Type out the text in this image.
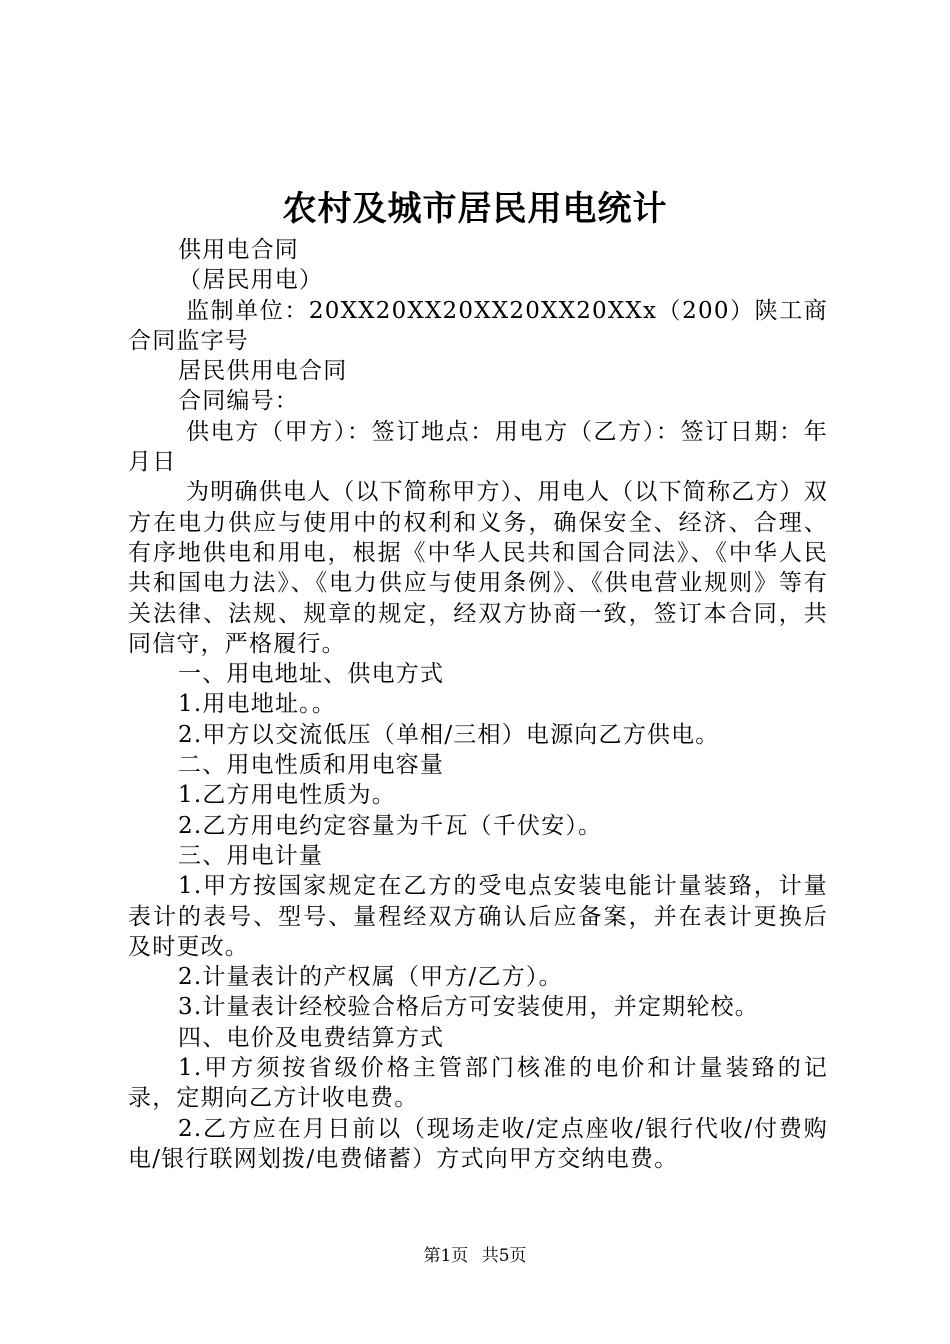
农村及城市居民用电统计

供用电合同

（居民用电）

监制单位：20XX20XX20XX20XX20XXx（200）陕工商合同监字号

居民供用电合同

合同编号：

供电方（甲方）：签订地点：用电方（乙方）：签订日期：年月日

为明确供电人（以下简称甲方）、用电人（以下简称乙方）双方在电力供应与使用中的权利和义务，确保安全、经济、合理、有序地供电和用电，根据《中华人民共和国合同法》、《中华人民共和国电力法》、《电力供应与使用条例》、《供电营业规则》等有关法律、法规、规章的规定，经双方协商一致，签订本合同，共同信守，严格履行。

一、用电地址、供电方式

1.用电地址。。

2.甲方以交流低压（单相/三相）电源向乙方供电。

二、用电性质和用电容量

1.乙方用电性质为。

2.乙方用电约定容量为千瓦（千伏安）。

三、用电计量

1.甲方按国家规定在乙方的受电点安装电能计量装臵，计量表计的表号、型号、量程经双方确认后应备案，并在表计更换后及时更改。

2.计量表计的产权属（甲方/乙方）。

3.计量表计经校验合格后方可安装使用，并定期轮校。

四、电价及电费结算方式

1.甲方须按省级价格主管部门核准的电价和计量装臵的记录，定期向乙方计收电费。

2.乙方应在月日前以（现场走收/定点座收/银行代收/付费购电/银行联网划拨/电费储蓄）方式向甲方交纳电费。

第1页 共5页
